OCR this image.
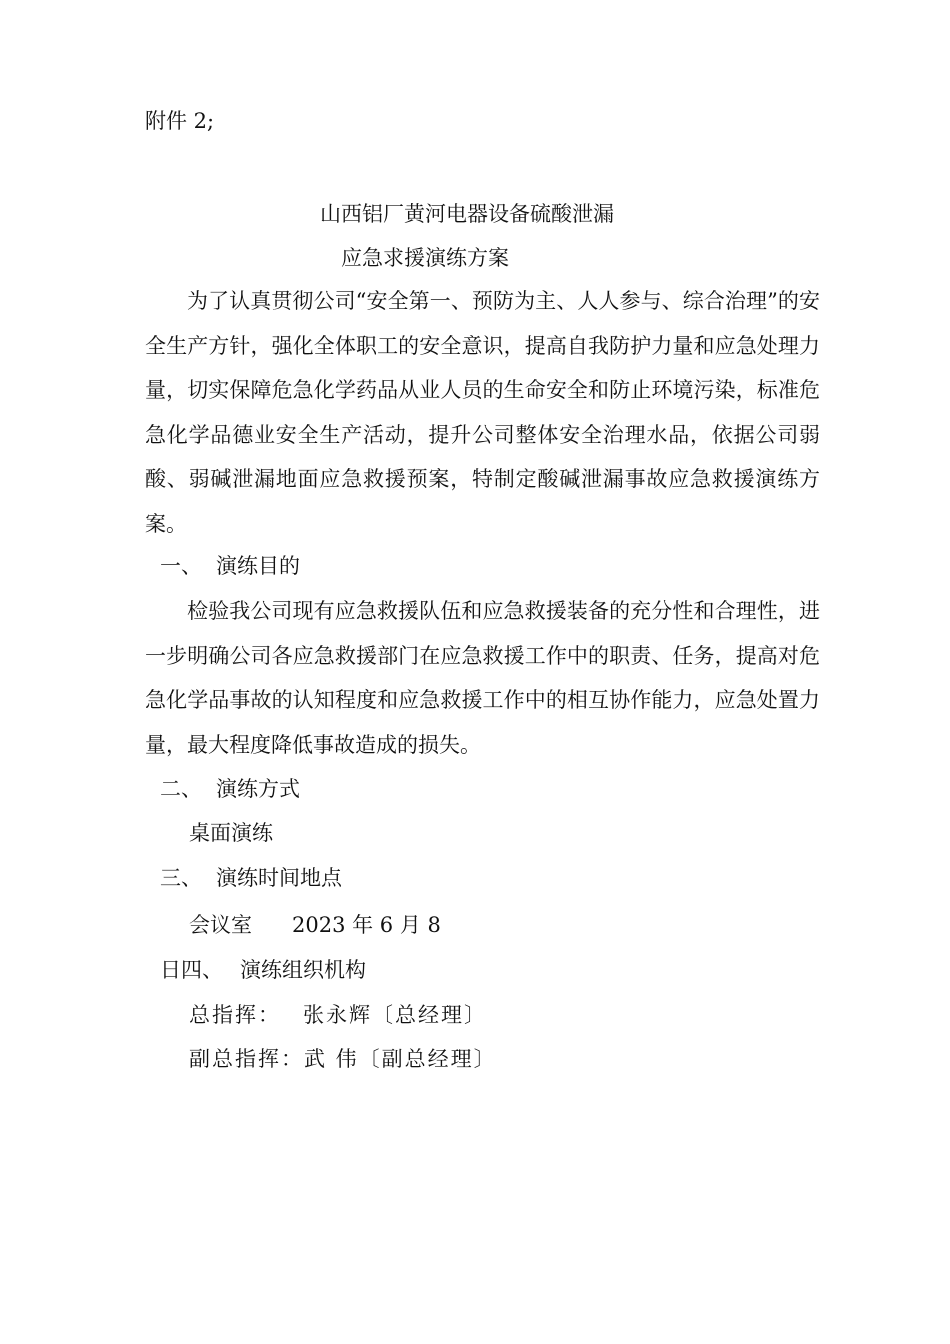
附件 2;
山西铝厂黄河电器设备硫酸泄漏
应急求援演练方案
为了认真贯彻公司“安全第一、预防为主、人人参与、综合治理”的安全生产方针，强化全体职工的安全意识，提高自我防护力量和应急处理力量，切实保障危急化学药品从业人员的生命安全和防止环境污染，标准危急化学品德业安全生产活动，提升公司整体安全治理水品，依据公司弱酸、弱碱泄漏地面应急救援预案，特制定酸碱泄漏事故应急救援演练方案。
一、 演练目的
检验我公司现有应急救援队伍和应急救援装备的充分性和合理性，进一步明确公司各应急救援部门在应急救援工作中的职责、任务，提高对危急化学品事故的认知程度和应急救援工作中的相互协作能力，应急处置力量，最大程度降低事故造成的损失。
二、 演练方式
桌面演练
三、 演练时间地点
会议室 2023 年 6 月 8
日四、 演练组织机构
总指挥： 张永辉〔总经理〕
副总指挥：武 伟〔副总经理〕
